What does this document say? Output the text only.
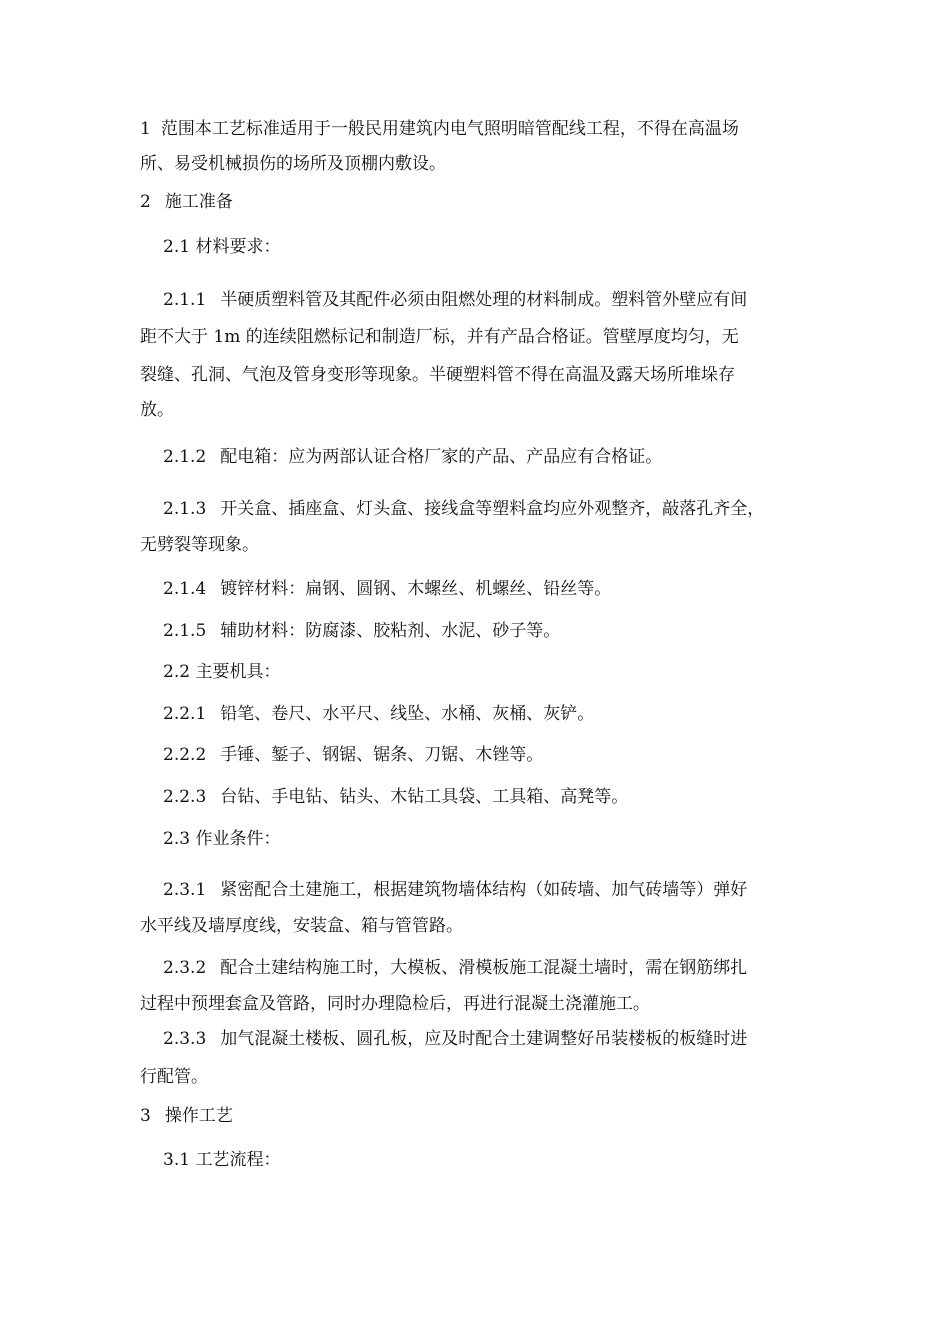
1 范围本工艺标准适用于一般民用建筑内电气照明暗管配线工程，不得在高温场
所、易受机械损伤的场所及顶棚内敷设。
2 施工准备
2.1 材料要求：
2.1.1 半硬质塑料管及其配件必须由阻燃处理的材料制成。塑料管外壁应有间
距不大于 1m 的连续阻燃标记和制造厂标，并有产品合格证。管壁厚度均匀，无
裂缝、孔洞、气泡及管身变形等现象。半硬塑料管不得在高温及露天场所堆垛存
放。
2.1.2 配电箱：应为两部认证合格厂家的产品、产品应有合格证。
2.1.3 开关盒、插座盒、灯头盒、接线盒等塑料盒均应外观整齐，敲落孔齐全，
无劈裂等现象。
2.1.4 镀锌材料：扁钢、圆钢、木螺丝、机螺丝、铅丝等。
2.1.5 辅助材料：防腐漆、胶粘剂、水泥、砂子等。
2.2 主要机具：
2.2.1 铅笔、卷尺、水平尺、线坠、水桶、灰桶、灰铲。
2.2.2 手锤、錾子、钢锯、锯条、刀锯、木锉等。
2.2.3 台钻、手电钻、钻头、木钻工具袋、工具箱、高凳等。
2.3 作业条件：
2.3.1 紧密配合土建施工，根据建筑物墙体结构（如砖墙、加气砖墙等）弹好
水平线及墙厚度线，安装盒、箱与管管路。
2.3.2 配合土建结构施工时，大模板、滑模板施工混凝土墙时，需在钢筋绑扎
过程中预埋套盒及管路，同时办理隐检后，再进行混凝土浇灌施工。
2.3.3 加气混凝土楼板、圆孔板，应及时配合土建调整好吊装楼板的板缝时进
行配管。
3 操作工艺
3.1 工艺流程：
